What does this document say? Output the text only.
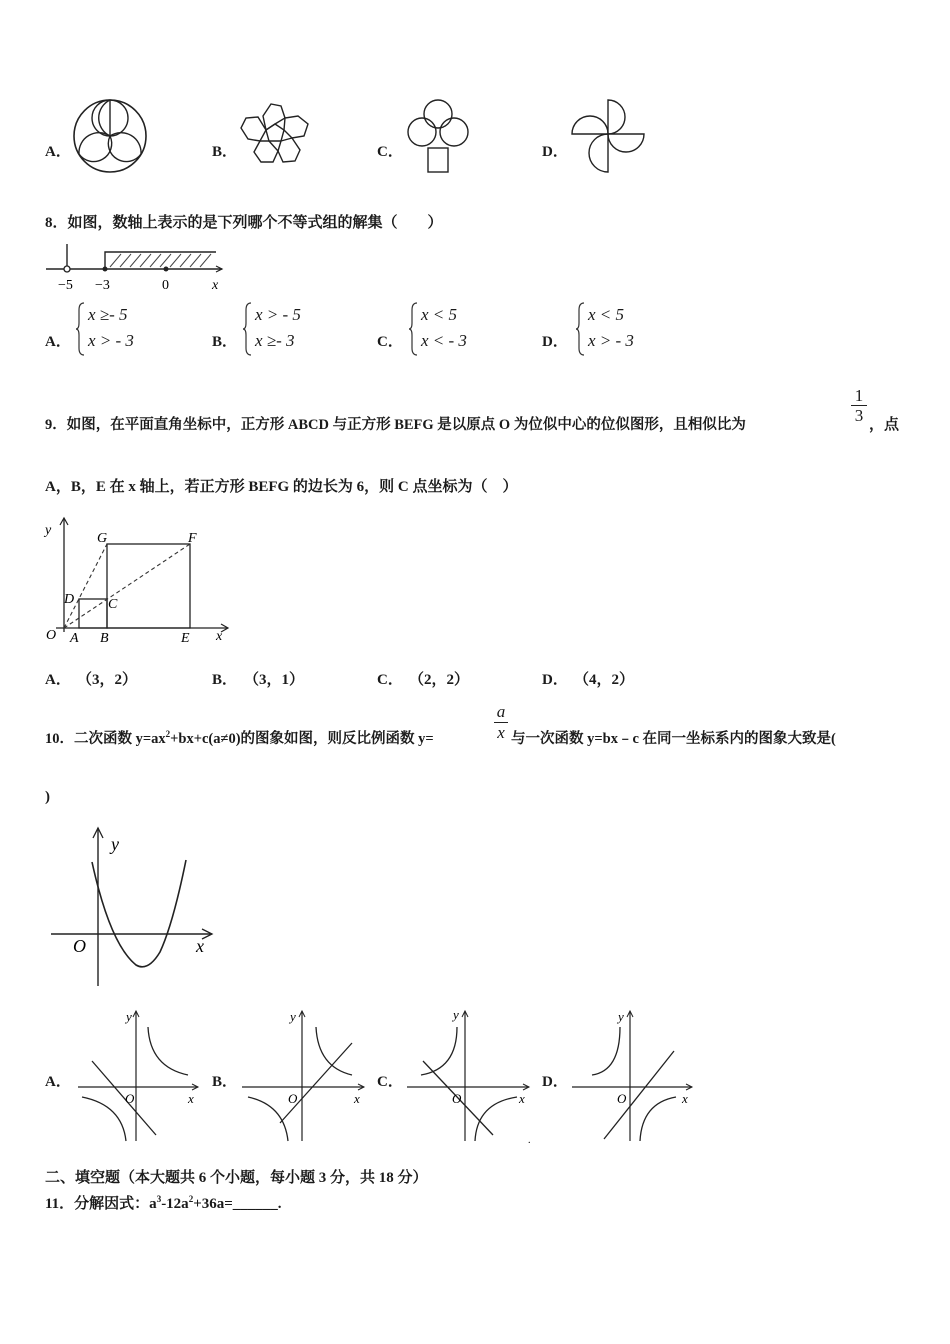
A．	B．	C．	D．
8．如图，数轴上表示的是下列哪个不等式组的解集（　　）
−5 −3	0	x
A．
x ≥- 5
x > - 3	B．
x > - 5
x ≥- 3	C．
x < 5
x < - 3	D．
x < 5
x > - 3
9．如图，在平面直角坐标中，正方形 ABCD 与正方形 BEFG 是以原点 O 为位似中心的位似图形，且相似比为	$\frac{1}{3}$ ，点
A，B，E 在 x 轴上，若正方形 BEFG 的边长为 6，则 C 点坐标为（　）
y
x
O A B	E
G	F
D C
A． （3，2）	B． （3，1）	C． （2，2）	D． （4，2）
10．二次函数 $y=ax^2+bx+c(a\ne 0)$的图象如图，则反比例函数 y=	$\frac{a}{x}$ 与一次函数 y=bx﹣c 在同一坐标系内的图象大致是(
)
y
x
O
A．
y
x
O
B．
y
x
O
C．
y
x
O
.
D．
y
x
O
二、填空题（本大题共 6 个小题，每小题 3 分，共 18 分）
11．分解因式：$a^3-12a^2+36a=\_\_\_\_\_\_$.
